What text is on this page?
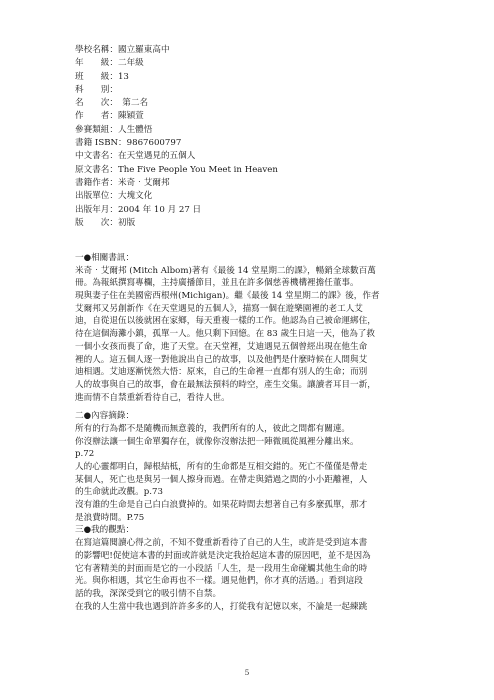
學校名稱：國立羅東高中
年　　級：二年級
班　　級：13
科　　別：
名　　次：　第二名
作　　者：陳穎萱
參賽類組：人生體悟
書籍 ISBN：9867600797
中文書名：在天堂遇見的五個人
原文書名：The Five People You Meet in Heaven
書籍作者：米奇‧艾爾邦
出版單位：大塊文化
出版年月：2004 年 10 月 27 日
版　　次：初版
一●相關書訊：
米奇‧艾爾邦 (Mitch Albom)著有《最後 14 堂星期二的課》，暢銷全球數百萬
冊。為報紙撰寫專欄，主持廣播節目，並且在許多個慈善機構裡擔任董事。
現與妻子住在美國密西根州(Michigan)。繼《最後 14 堂星期二的課》後，作者
艾爾邦又另創新作《在天堂遇見的五個人》，描寫一個在遊樂園裡的老工人艾
迪，自從退伍以後就困在家鄉，每天重複一樣的工作。他認為自己被命運綁住，
待在這個海灘小鎮，孤單一人。他只剩下回憶。在 83 歲生日這一天，他為了救
一個小女孩而喪了命，進了天堂。在天堂裡，艾迪遇見五個曾經出現在他生命
裡的人。這五個人逐一對他說出自己的故事，以及他們是什麼時候在人間與艾
迪相遇。艾迪逐漸恍然大悟：原來，自己的生命裡一直都有別人的生命；而別
人的故事與自己的故事，會在最無法預料的時空，產生交集。讓讀者耳目一新，
進而情不自禁重新看待自己，看待人世。
二●內容摘錄：
所有的行為都不是隨機而無意義的，我們所有的人，彼此之間都有關連。
你沒辦法讓一個生命單獨存在，就像你沒辦法把一陣微風從風裡分離出來。
p.72
人的心靈都明白，歸根結柢，所有的生命都是互相交錯的。死亡不僅僅是帶走
某個人，死亡也是與另一個人擦身而過。在帶走與錯過之間的小小距離裡，人
的生命就此改觀。p.73
沒有誰的生命是自己白白浪費掉的。如果花時間去想著自己有多麼孤單，那才
是浪費時間。P.75
三●我的觀點：
在寫這篇閱讀心得之前，不知不覺重新看待了自己的人生，或許是受到這本書
的影響吧!促使這本書的封面或許就是決定我拾起這本書的原因吧，並不是因為
它有著精美的封面而是它的一小段話「人生，是一段用生命碰觸其他生命的時
光。與你相遇，其它生命再也不一樣。遇見他們，你才真的活過。」看到這段
話的我，深深受到它的吸引情不自禁。
在我的人生當中我也遇到許許多多的人，打從我有記憶以來，不論是一起練跳
5
